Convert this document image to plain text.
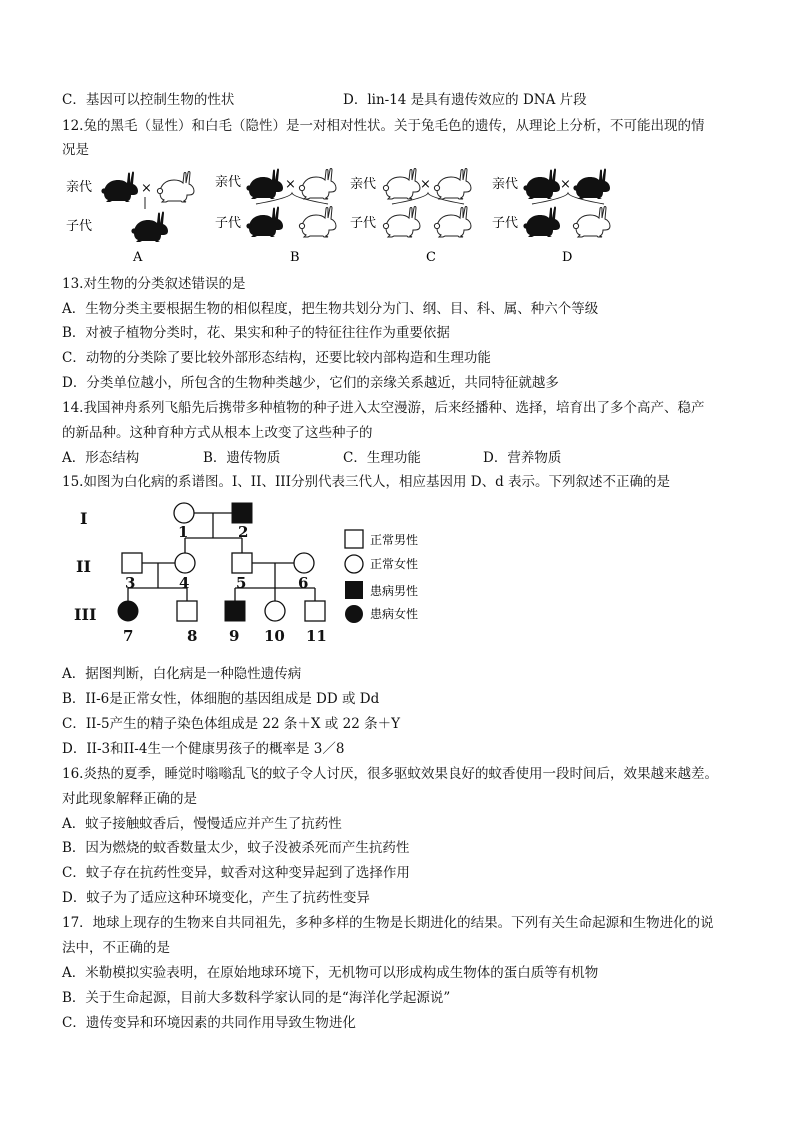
C．基因可以控制生物的性状	D．lin-14 是具有遗传效应的 DNA 片段
12.兔的黑毛（显性）和白毛（隐性）是一对相对性状。关于兔毛色的遗传，从理论上分析，不可能出现的情
况是
亲代
子代
×
A
亲代
子代
×
B
亲代
子代
×
C
亲代
子代
×
D
13.对生物的分类叙述错误的是
A．生物分类主要根据生物的相似程度，把生物共划分为门、纲、目、科、属、种六个等级
B．对被子植物分类时，花、果实和种子的特征往往作为重要依据
C．动物的分类除了要比较外部形态结构，还要比较内部构造和生理功能
D．分类单位越小，所包含的生物种类越少，它们的亲缘关系越近，共同特征就越多
14.我国神舟系列飞船先后携带多种植物的种子进入太空漫游，后来经播种、选择，培育出了多个高产、稳产
的新品种。这种育种方式从根本上改变了这些种子的
A．形态结构	B．遗传物质	C．生理功能	D．营养物质
15.如图为白化病的系谱图。I、II、III分别代表三代人，相应基因用 D、d 表示。下列叙述不正确的是
I
II
III
1	2
3	4	5	6
7	8 9 10 11
正常男性
正常女性
患病男性
患病女性
A．据图判断，白化病是一种隐性遗传病
B．II-6是正常女性，体细胞的基因组成是 DD 或 Dd
C．II-5产生的精子染色体组成是 22 条＋X 或 22 条＋Y
D．II-3和II-4生一个健康男孩子的概率是 3／8
16.炎热的夏季，睡觉时嗡嗡乱飞的蚊子令人讨厌，很多驱蚊效果良好的蚊香使用一段时间后，效果越来越差。
对此现象解释正确的是
A．蚊子接触蚊香后，慢慢适应并产生了抗药性
B．因为燃烧的蚊香数量太少，蚊子没被杀死而产生抗药性
C．蚊子存在抗药性变异，蚊香对这种变异起到了选择作用
D．蚊子为了适应这种环境变化，产生了抗药性变异
17．地球上现存的生物来自共同祖先，多种多样的生物是长期进化的结果。下列有关生命起源和生物进化的说
法中，不正确的是
A．米勒模拟实验表明，在原始地球环境下，无机物可以形成构成生物体的蛋白质等有机物
B．关于生命起源，目前大多数科学家认同的是“海洋化学起源说”
C．遗传变异和环境因素的共同作用导致生物进化
